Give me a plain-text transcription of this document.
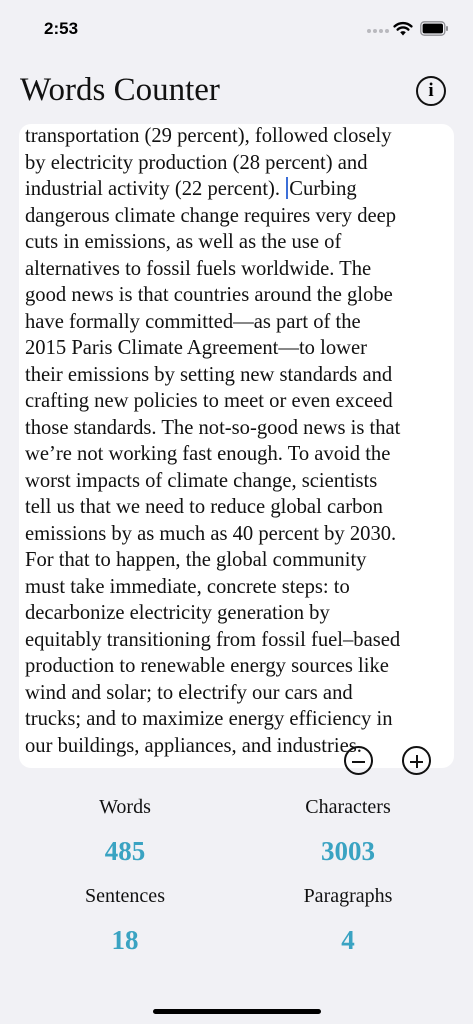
2:53
Words Counter	i
transportation (29 percent), followed closely
by electricity production (28 percent) and
industrial activity (22 percent). Curbing
dangerous climate change requires very deep
cuts in emissions, as well as the use of
alternatives to fossil fuels worldwide. The
good news is that countries around the globe
have formally committed—as part of the
2015 Paris Climate Agreement—to lower
their emissions by setting new standards and
crafting new policies to meet or even exceed
those standards. The not-so-good news is that
we’re not working fast enough. To avoid the
worst impacts of climate change, scientists
tell us that we need to reduce global carbon
emissions by as much as 40 percent by 2030.
For that to happen, the global community
must take immediate, concrete steps: to
decarbonize electricity generation by
equitably transitioning from fossil fuel–based
production to renewable energy sources like
wind and solar; to electrify our cars and
trucks; and to maximize energy efficiency in
our buildings, appliances, and industries.
Words
485
Characters
3003
Sentences
18
Paragraphs
4
